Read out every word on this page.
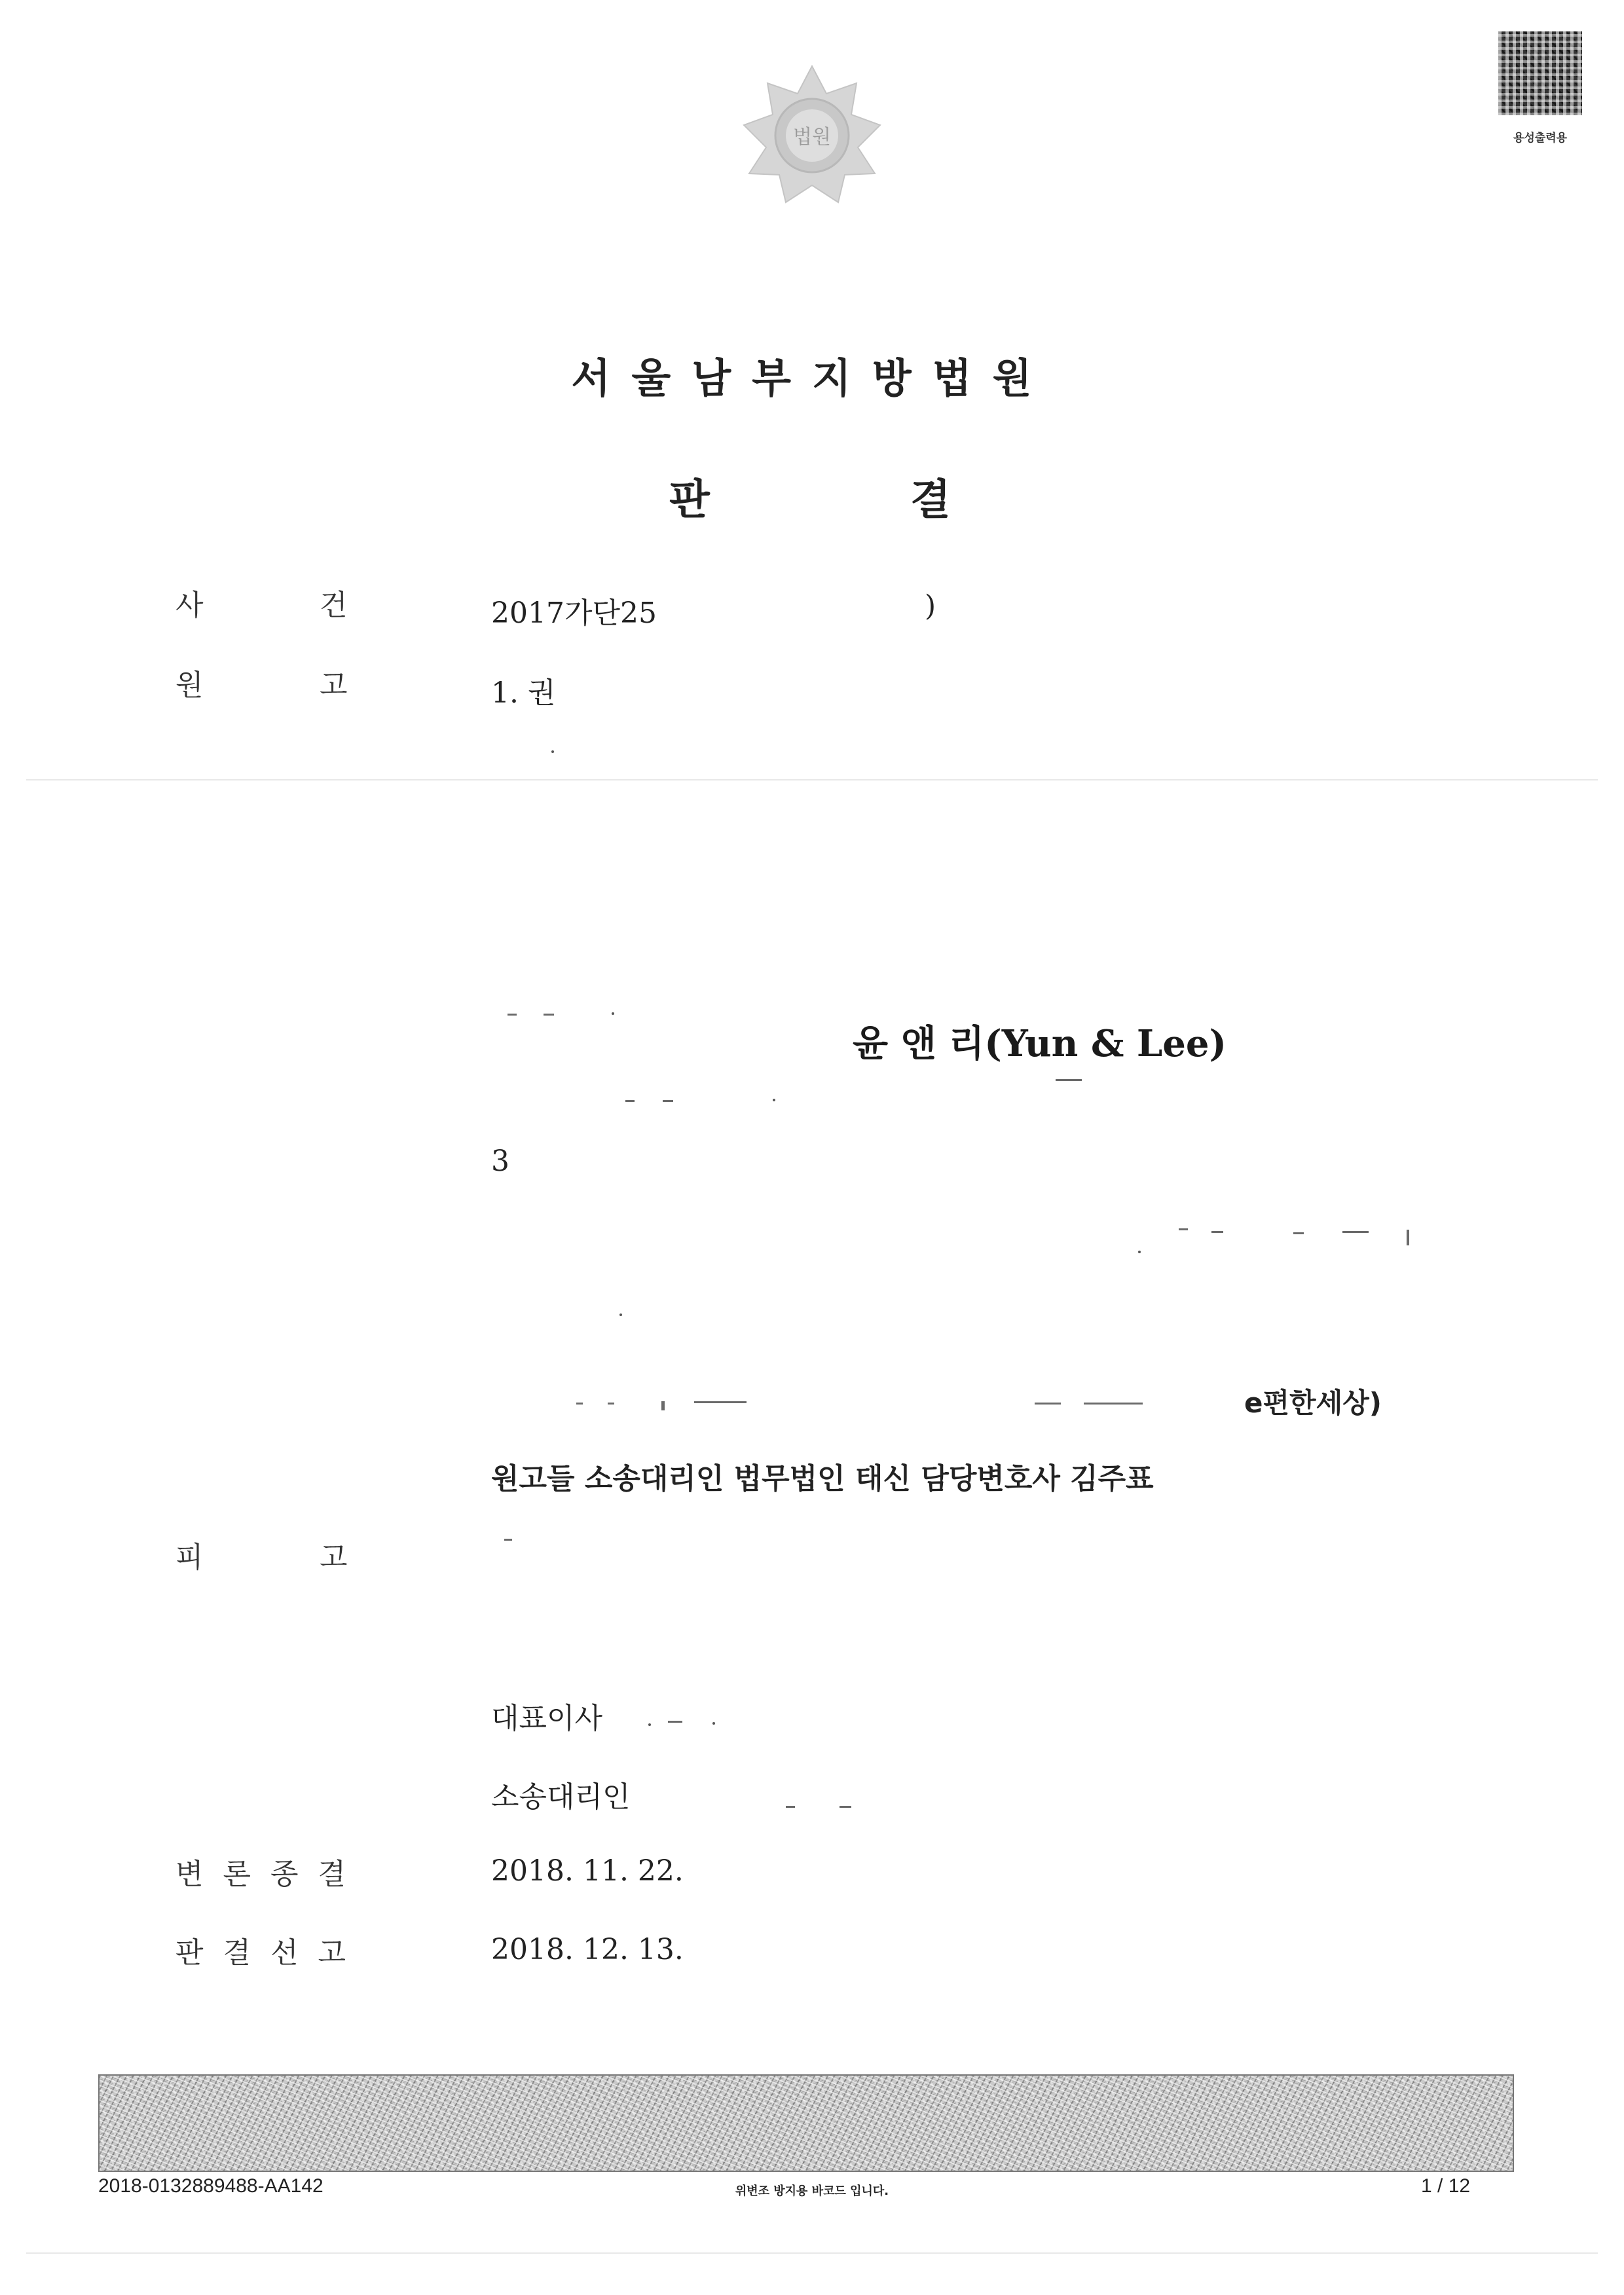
법원	용성출력용
서울남부지방법원
판	결
사	건	2017가단25	)
원	고	1. 권
윤 앤 리(Yun & Lee)
3
e편한세상)
원고들 소송대리인 법무법인 태신 담당변호사 김주표
피	고
대표이사
소송대리인
변론종결	2018. 11. 22.
판결선고	2018. 12. 13.
2018-0132889488-AA142	위변조 방지용 바코드 입니다.	1 / 12
